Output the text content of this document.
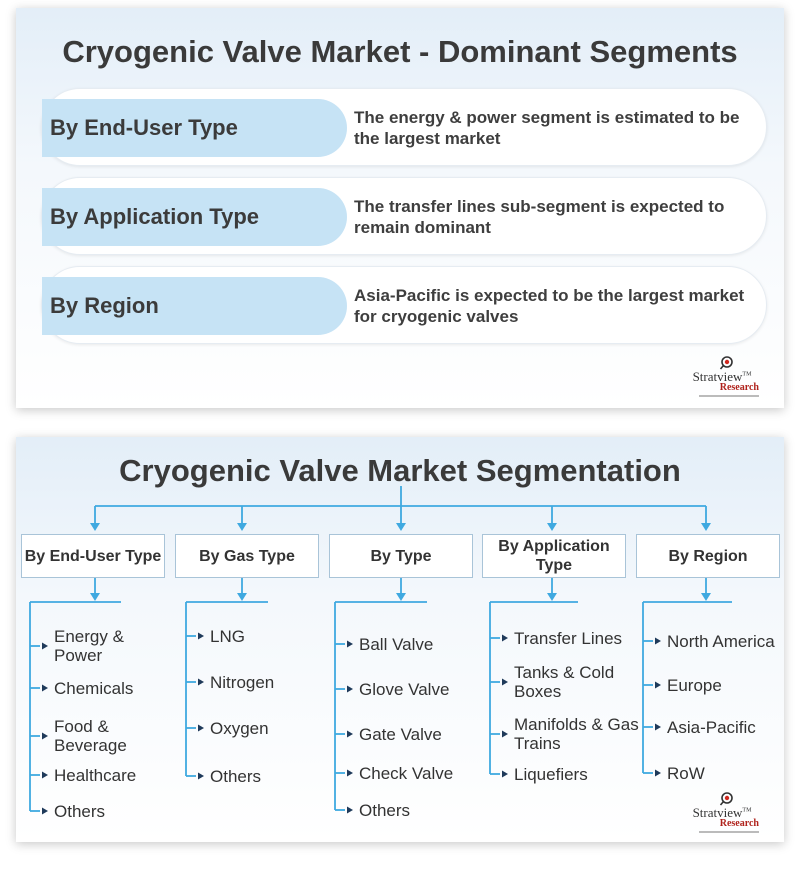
Cryogenic Valve Market - Dominant Segments
By End-User Type	The energy & power segment is estimated to be the largest market
By Application Type	The transfer lines sub-segment is expected to remain dominant
By Region	Asia-Pacific is expected to be the largest market for cryogenic valves
Stratview™
Research
Cryogenic Valve Market Segmentation
By End-User Type
Energy & Power
Chemicals
Food & Beverage
Healthcare
Others
By Gas Type
LNG
Nitrogen
Oxygen
Others
By Type
Ball Valve
Glove Valve
Gate Valve
Check Valve
Others
By Application Type
Transfer Lines
Tanks & Cold Boxes
Manifolds & Gas Trains
Liquefiers
By Region
North America
Europe
Asia-Pacific
RoW
Stratview™
Research
